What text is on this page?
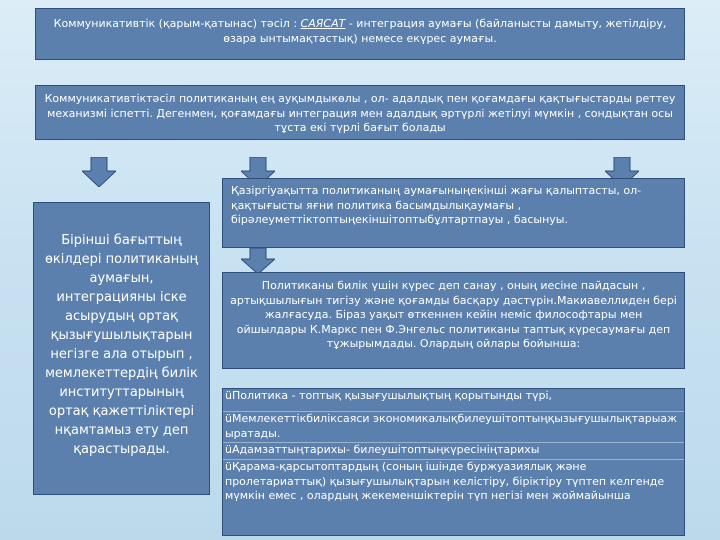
Коммуникативтік (қарым-қатынас) тәсіл : САЯСАТ - интеграция аумағы (байланысты дамыту, жетілдіру, өзара ынтымақтастық) немесе екүрес аумағы.
Коммуникативтіктәсіл политиканың ең ауқымдыкөлы , ол- адалдық пен қоғамдағы қақтығыстарды реттеу механизмі іспетті. Дегенмен, қоғамдағы интеграция мен адалдық әртүрлі жетілуі мүмкін , сондықтан осы тұста екі түрлі бағыт болады
Бірінші бағыттың өкілдері политиканың аумағын, интеграцияны іске асырудың ортақ қызығушылықтарын негізге ала отырып , мемлекеттердің билік институттарының ортақ қажеттіліктері нқамтамыз ету деп қарастырады.
Қазіргіуақытта политиканың аумағыныңекінші жағы қалыптасты, ол-қақтығысты яғни политика басымдылықаумағы , бірәлеуметтіктоптыңекіншітоптыбұлтартпауы , басынуы.
Политиканы билік үшін күрес деп санау , оның иесіне пайдасын , артықшылығын тигізу және қоғамды басқару дәстүрін.Макиавеллиден бері жалғасуда. Біраз уақыт өткеннен кейін неміс философтары мен ойшылдары К.Маркс пен Ф.Энгельс политиканы таптық күресаумағы деп тұжырымдады. Олардың ойлары бойынша:

üПолитика - топтық қызығушылықтың қорытынды түрі,

üМемлекеттікбиліксаяси экономикалықбилеушітоптыңқызығушылықтарыаж ыратады.

üАдамзаттыңтарихы- билеушітоптыңкүресініңтарихы

üҚарама-қарсытоптардың (соның ішінде буржуазиялық және пролетариаттық) қызығушылықтарын келістіру, біріктіру түптеп келгенде мүмкін емес , олардың жекеменшіктерін түп негізі мен жоймайынша
